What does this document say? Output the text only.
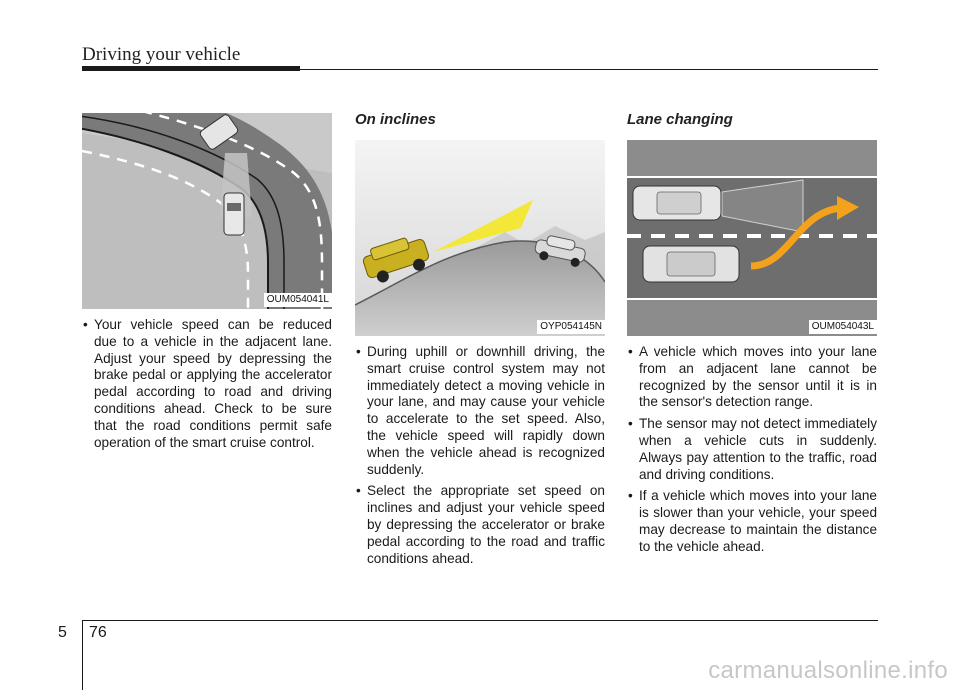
Driving your vehicle
OUM054041L
OYP054145N	OUM054043L
On inclines	Lane changing
• Your vehicle speed can be reduced due to a vehicle in the adjacent lane. Adjust your speed by depressing the brake pedal or applying the accelerator pedal according to road and driving conditions ahead. Check to be sure that the road conditions permit safe operation of the smart cruise control.
• During uphill or downhill driving, the smart cruise control system may not immediately detect a moving vehicle in your lane, and may cause your vehicle to accelerate to the set speed. Also, the vehicle speed will rapidly down when the vehicle ahead is recognized suddenly.
• Select the appropriate set speed on inclines and adjust your vehicle speed by depressing the accelerator or brake pedal according to the road and traffic conditions ahead.
• A vehicle which moves into your lane from an adjacent lane cannot be recognized by the sensor until it is in the sensor's detection range.
• The sensor may not detect immediately when a vehicle cuts in suddenly. Always pay attention to the traffic, road and driving conditions.
• If a vehicle which moves into your lane is slower than your vehicle, your speed may decrease to maintain the distance to the vehicle ahead.
5 76
carmanualsonline.info
